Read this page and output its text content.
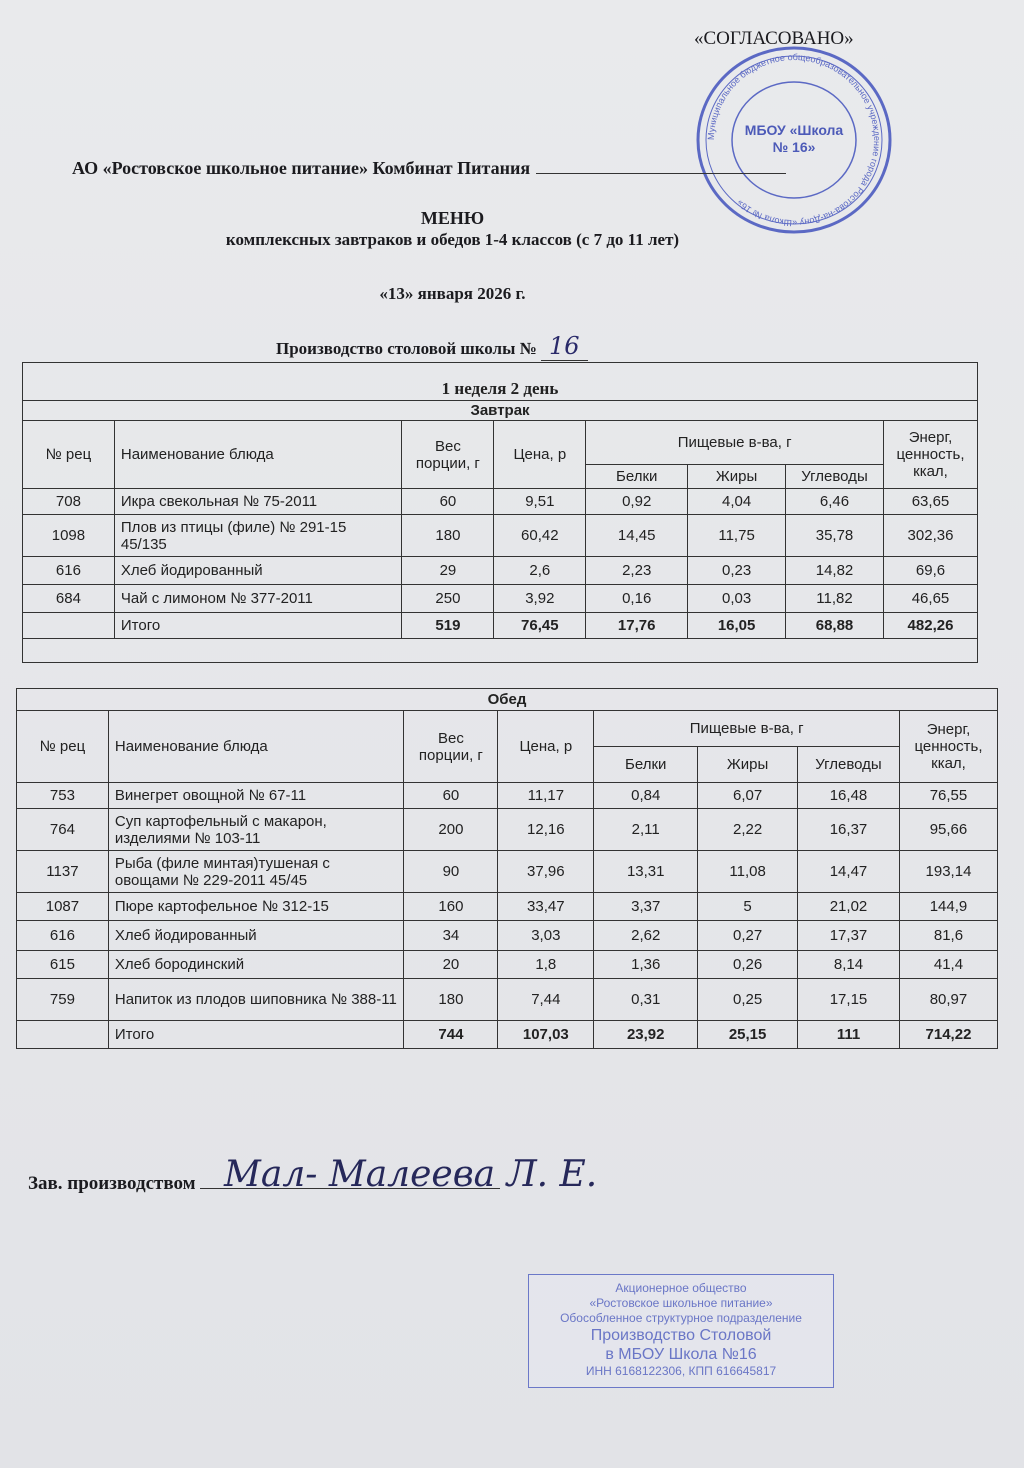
«СОГЛАСОВАНО»
Муниципальное бюджетное общеобразовательное учреждение города Ростова-на-Дону «Школа № 16»
МБОУ «Школа № 16»
АО «Ростовское школьное питание» Комбинат Питания
МЕНЮ
комплексных завтраков и обедов 1-4 классов (с 7 до 11 лет)
«13» января 2026 г.
Производство столовой школы № 16
1 неделя 2 день							
Завтрак							
№ рец	Наименование блюда	Вес порции, г	Цена, р	Пищевые в-ва, г			Энерг, ценность, ккал,
				Белки	Жиры	Углеводы	
708	Икра свекольная № 75-2011	60	9,51	0,92	4,04	6,46	63,65
1098	Плов из птицы (филе) № 291-15 45/135	180	60,42	14,45	11,75	35,78	302,36
616	Хлеб йодированный	29	2,6	2,23	0,23	14,82	69,6
684	Чай с лимоном № 377-2011	250	3,92	0,16	0,03	11,82	46,65
	Итого	519	76,45	17,76	16,05	68,88	482,26

Обед							
№ рец	Наименование блюда	Вес порции, г	Цена, р	Пищевые в-ва, г			Энерг, ценность, ккал,
				Белки	Жиры	Углеводы	
753	Винегрет овощной № 67-11	60	11,17	0,84	6,07	16,48	76,55
764	Суп картофельный с макарон, изделиями № 103-11	200	12,16	2,11	2,22	16,37	95,66
1137	Рыба (филе минтая)тушеная с овощами № 229-2011 45/45	90	37,96	13,31	11,08	14,47	193,14
1087	Пюре картофельное № 312-15	160	33,47	3,37	5	21,02	144,9
616	Хлеб йодированный	34	3,03	2,62	0,27	17,37	81,6
615	Хлеб бородинский	20	1,8	1,36	0,26	8,14	41,4
759	Напиток из плодов шиповника № 388-11	180	7,44	0,31	0,25	17,15	80,97
	Итого	744	107,03	23,92	25,15	111	714,22
Зав. производством Мал- Малеева Л. Е.
Акционерное общество
«Ростовское школьное питание»
Обособленное структурное подразделение
Производство Столовой
в МБОУ Школа №16
ИНН 6168122306, КПП 616645817
